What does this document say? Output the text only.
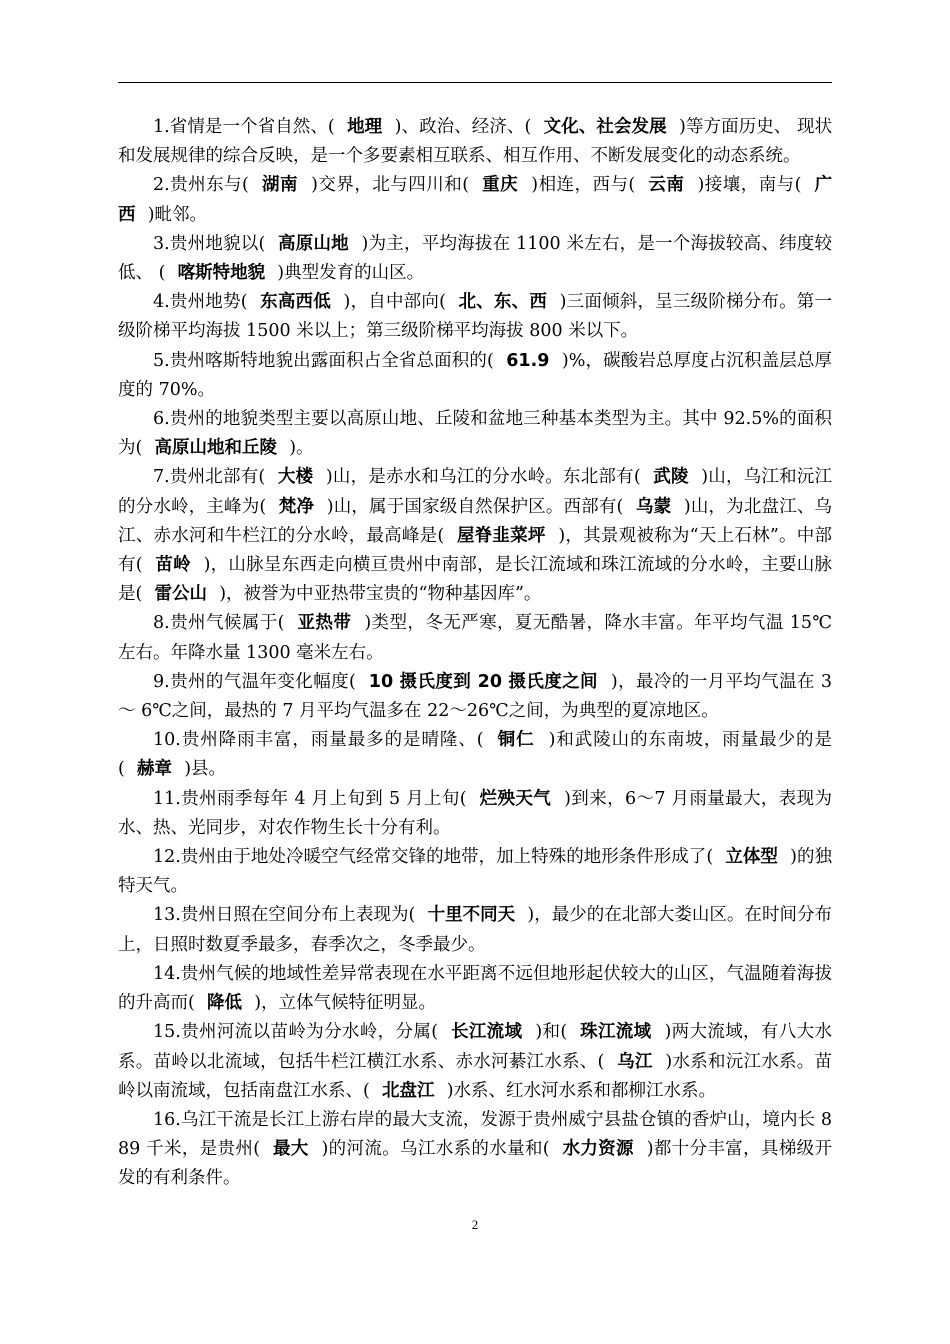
1.省情是一个省自然、( 地理 )、政治、经济、( 文化、社会发展 )等方面历史、 现状和发展规律的综合反映，是一个多要素相互联系、相互作用、不断发展变化的动态系统。

2.贵州东与( 湖南 )交界，北与四川和( 重庆 )相连，西与( 云南 )接壤，南与( 广西 )毗邻。

3.贵州地貌以( 高原山地 )为主，平均海拔在 1100 米左右，是一个海拔较高、纬度较低、 ( 喀斯特地貌 )典型发育的山区。

4.贵州地势( 东高西低 )，自中部向( 北、东、西 )三面倾斜，呈三级阶梯分布。第一级阶梯平均海拔 1500 米以上；第三级阶梯平均海拔 800 米以下。

5.贵州喀斯特地貌出露面积占全省总面积的( 61.9 )%，碳酸岩总厚度占沉积盖层总厚度的 70%。

6.贵州的地貌类型主要以高原山地、丘陵和盆地三种基本类型为主。其中 92.5%的面积为( 高原山地和丘陵 )。

7.贵州北部有( 大楼 )山，是赤水和乌江的分水岭。东北部有( 武陵 )山，乌江和沅江的分水岭，主峰为( 梵净 )山，属于国家级自然保护区。西部有( 乌蒙 )山，为北盘江、乌江、赤水河和牛栏江的分水岭，最高峰是( 屋脊韭菜坪 )，其景观被称为“天上石林”。中部有( 苗岭 )，山脉呈东西走向横亘贵州中南部，是长江流域和珠江流域的分水岭，主要山脉是( 雷公山 )，被誉为中亚热带宝贵的“物种基因库”。

8.贵州气候属于( 亚热带 )类型，冬无严寒，夏无酷暑，降水丰富。年平均气温 15℃左右。年降水量 1300 毫米左右。

9.贵州的气温年变化幅度( 10 摄氏度到 20 摄氏度之间 )，最冷的一月平均气温在 3～ 6℃之间，最热的 7 月平均气温多在 22～26℃之间，为典型的夏凉地区。

10.贵州降雨丰富，雨量最多的是晴隆、( 铜仁 )和武陵山的东南坡，雨量最少的是( 赫章 )县。

11.贵州雨季每年 4 月上旬到 5 月上旬( 烂殃天气 )到来，6～7 月雨量最大，表现为水、热、光同步，对农作物生长十分有利。

12.贵州由于地处冷暖空气经常交锋的地带，加上特殊的地形条件形成了( 立体型 )的独特天气。

13.贵州日照在空间分布上表现为( 十里不同天 )，最少的在北部大娄山区。在时间分布上，日照时数夏季最多，春季次之，冬季最少。

14.贵州气候的地域性差异常表现在水平距离不远但地形起伏较大的山区，气温随着海拔的升高而( 降低 )，立体气候特征明显。

15.贵州河流以苗岭为分水岭，分属( 长江流域 )和( 珠江流域 )两大流域，有八大水系。苗岭以北流域，包括牛栏江横江水系、赤水河綦江水系、( 乌江 )水系和沅江水系。苗岭以南流域，包括南盘江水系、( 北盘江 )水系、红水河水系和都柳江水系。

16.乌江干流是长江上游右岸的最大支流，发源于贵州威宁县盐仓镇的香炉山，境内长 889 千米，是贵州( 最大 )的河流。乌江水系的水量和( 水力资源 )都十分丰富，具梯级开发的有利条件。

2
